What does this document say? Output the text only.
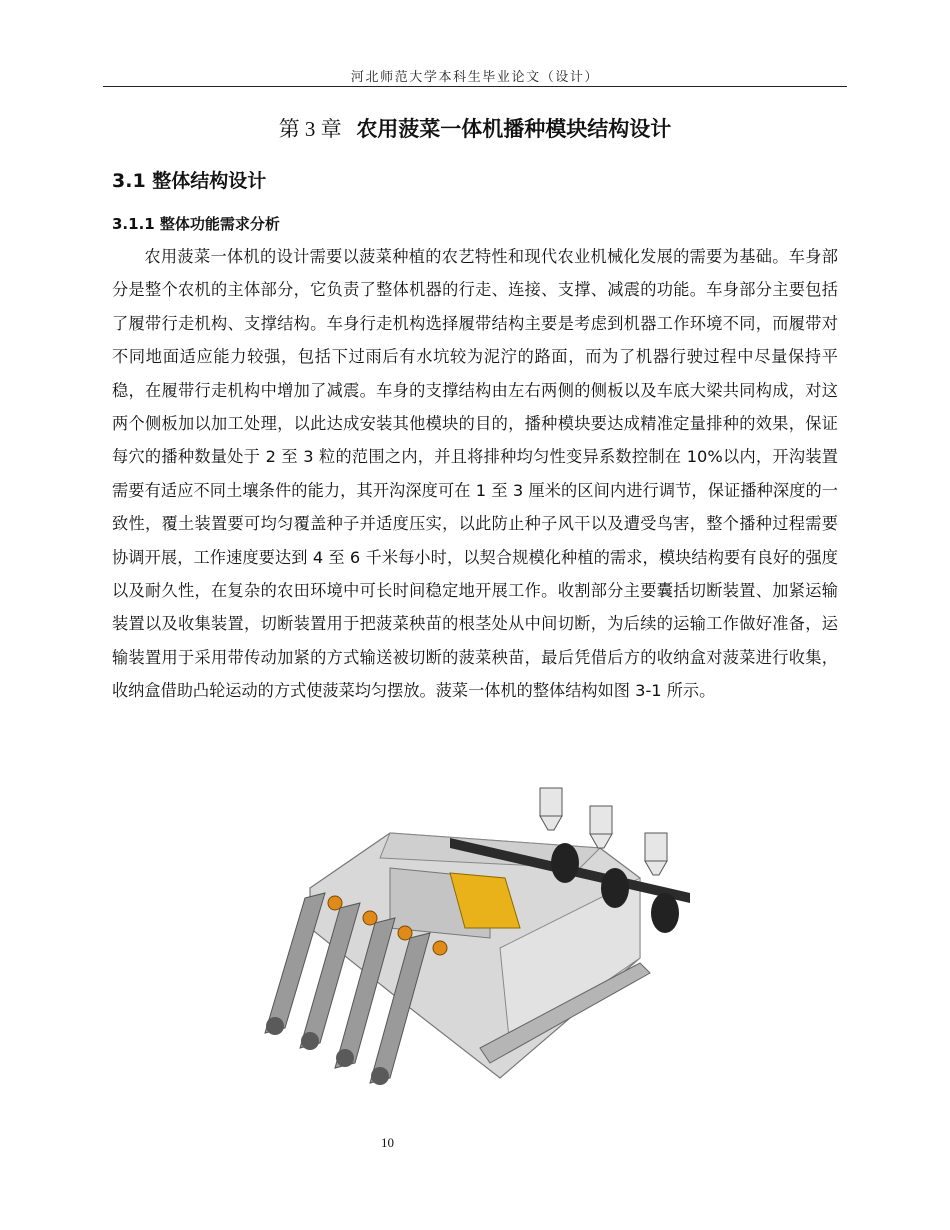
河北师范大学本科生毕业论文（设计）
第 3 章 农用菠菜一体机播种模块结构设计
3.1 整体结构设计
3.1.1 整体功能需求分析
农用菠菜一体机的设计需要以菠菜种植的农艺特性和现代农业机械化发展的需要为基础。车身部分是整个农机的主体部分，它负责了整体机器的行走、连接、支撑、减震的功能。车身部分主要包括了履带行走机构、支撑结构。车身行走机构选择履带结构主要是考虑到机器工作环境不同，而履带对不同地面适应能力较强，包括下过雨后有水坑较为泥泞的路面，而为了机器行驶过程中尽量保持平稳，在履带行走机构中增加了减震。车身的支撑结构由左右两侧的侧板以及车底大梁共同构成，对这两个侧板加以加工处理，以此达成安装其他模块的目的，播种模块要达成精准定量排种的效果，保证每穴的播种数量处于 2 至 3 粒的范围之内，并且将排种均匀性变异系数控制在 10%以内，开沟装置需要有适应不同土壤条件的能力，其开沟深度可在 1 至 3 厘米的区间内进行调节，保证播种深度的一致性，覆土装置要可均匀覆盖种子并适度压实，以此防止种子风干以及遭受鸟害，整个播种过程需要协调开展，工作速度要达到 4 至 6 千米每小时，以契合规模化种植的需求，模块结构要有良好的强度以及耐久性，在复杂的农田环境中可长时间稳定地开展工作。收割部分主要囊括切断装置、加紧运输装置以及收集装置，切断装置用于把菠菜秧苗的根茎处从中间切断，为后续的运输工作做好准备，运输装置用于采用带传动加紧的方式输送被切断的菠菜秧苗，最后凭借后方的收纳盒对菠菜进行收集，收纳盒借助凸轮运动的方式使菠菜均匀摆放。菠菜一体机的整体结构如图 3-1 所示。
10
